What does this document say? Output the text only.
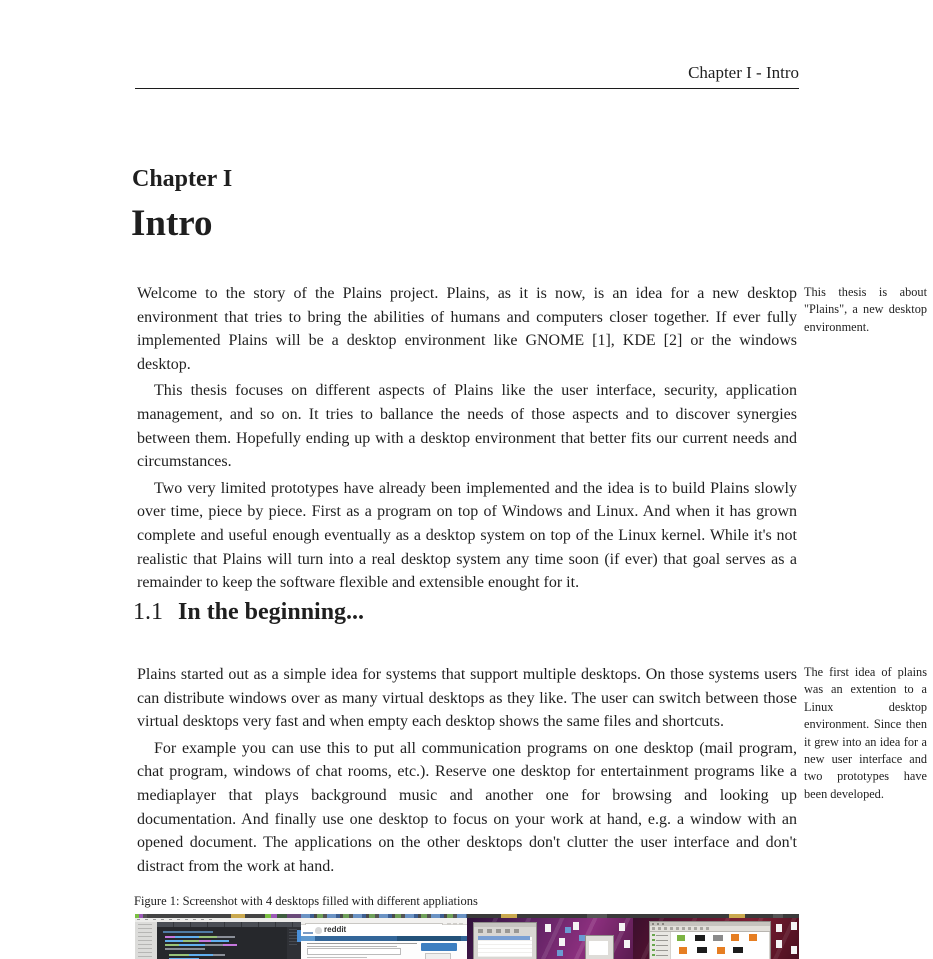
Chapter I - Intro
Chapter I
Intro

Welcome to the story of the Plains project. Plains, as it is now, is an idea for a new desktop environment that tries to bring the abilities of humans and computers closer together. If ever fully implemented Plains will be a desktop environment like GNOME [1], KDE [2] or the windows desktop.

This thesis focuses on different aspects of Plains like the user interface, security, application management, and so on. It tries to ballance the needs of those aspects and to discover synergies between them. Hopefully ending up with a desktop environment that better fits our current needs and circumstances.

Two very limited prototypes have already been implemented and the idea is to build Plains slowly over time, piece by piece. First as a program on top of Windows and Linux. And when it has grown complete and useful enough eventually as a desktop system on top of the Linux kernel. While it's not realistic that Plains will turn into a real desktop system any time soon (if ever) that goal serves as a remainder to keep the software flexible and extensible enought for it.

1.1 In the beginning...

Plains started out as a simple idea for systems that support multiple desktops. On those systems users can distribute windows over as many virtual desktops as they like. The user can switch between those virtual desktops very fast and when empty each desktop shows the same files and shortcuts.

For example you can use this to put all communication programs on one desktop (mail program, chat program, windows of chat rooms, etc.). Reserve one desktop for entertainment programs like a mediaplayer that plays background music and another one for browsing and looking up documentation. And finally use one desktop to focus on your work at hand, e.g. a window with an opened document. The applications on the other desktops don't clutter the user interface and don't distract from the work at hand.

This thesis is about "Plains", a new desktop environment.
The first idea of plains was an extention to a Linux desktop environment. Since then it grew into an idea for a new user interface and two prototypes have been developed.
Figure 1: Screenshot with 4 desktops filled with different appliations
reddit
